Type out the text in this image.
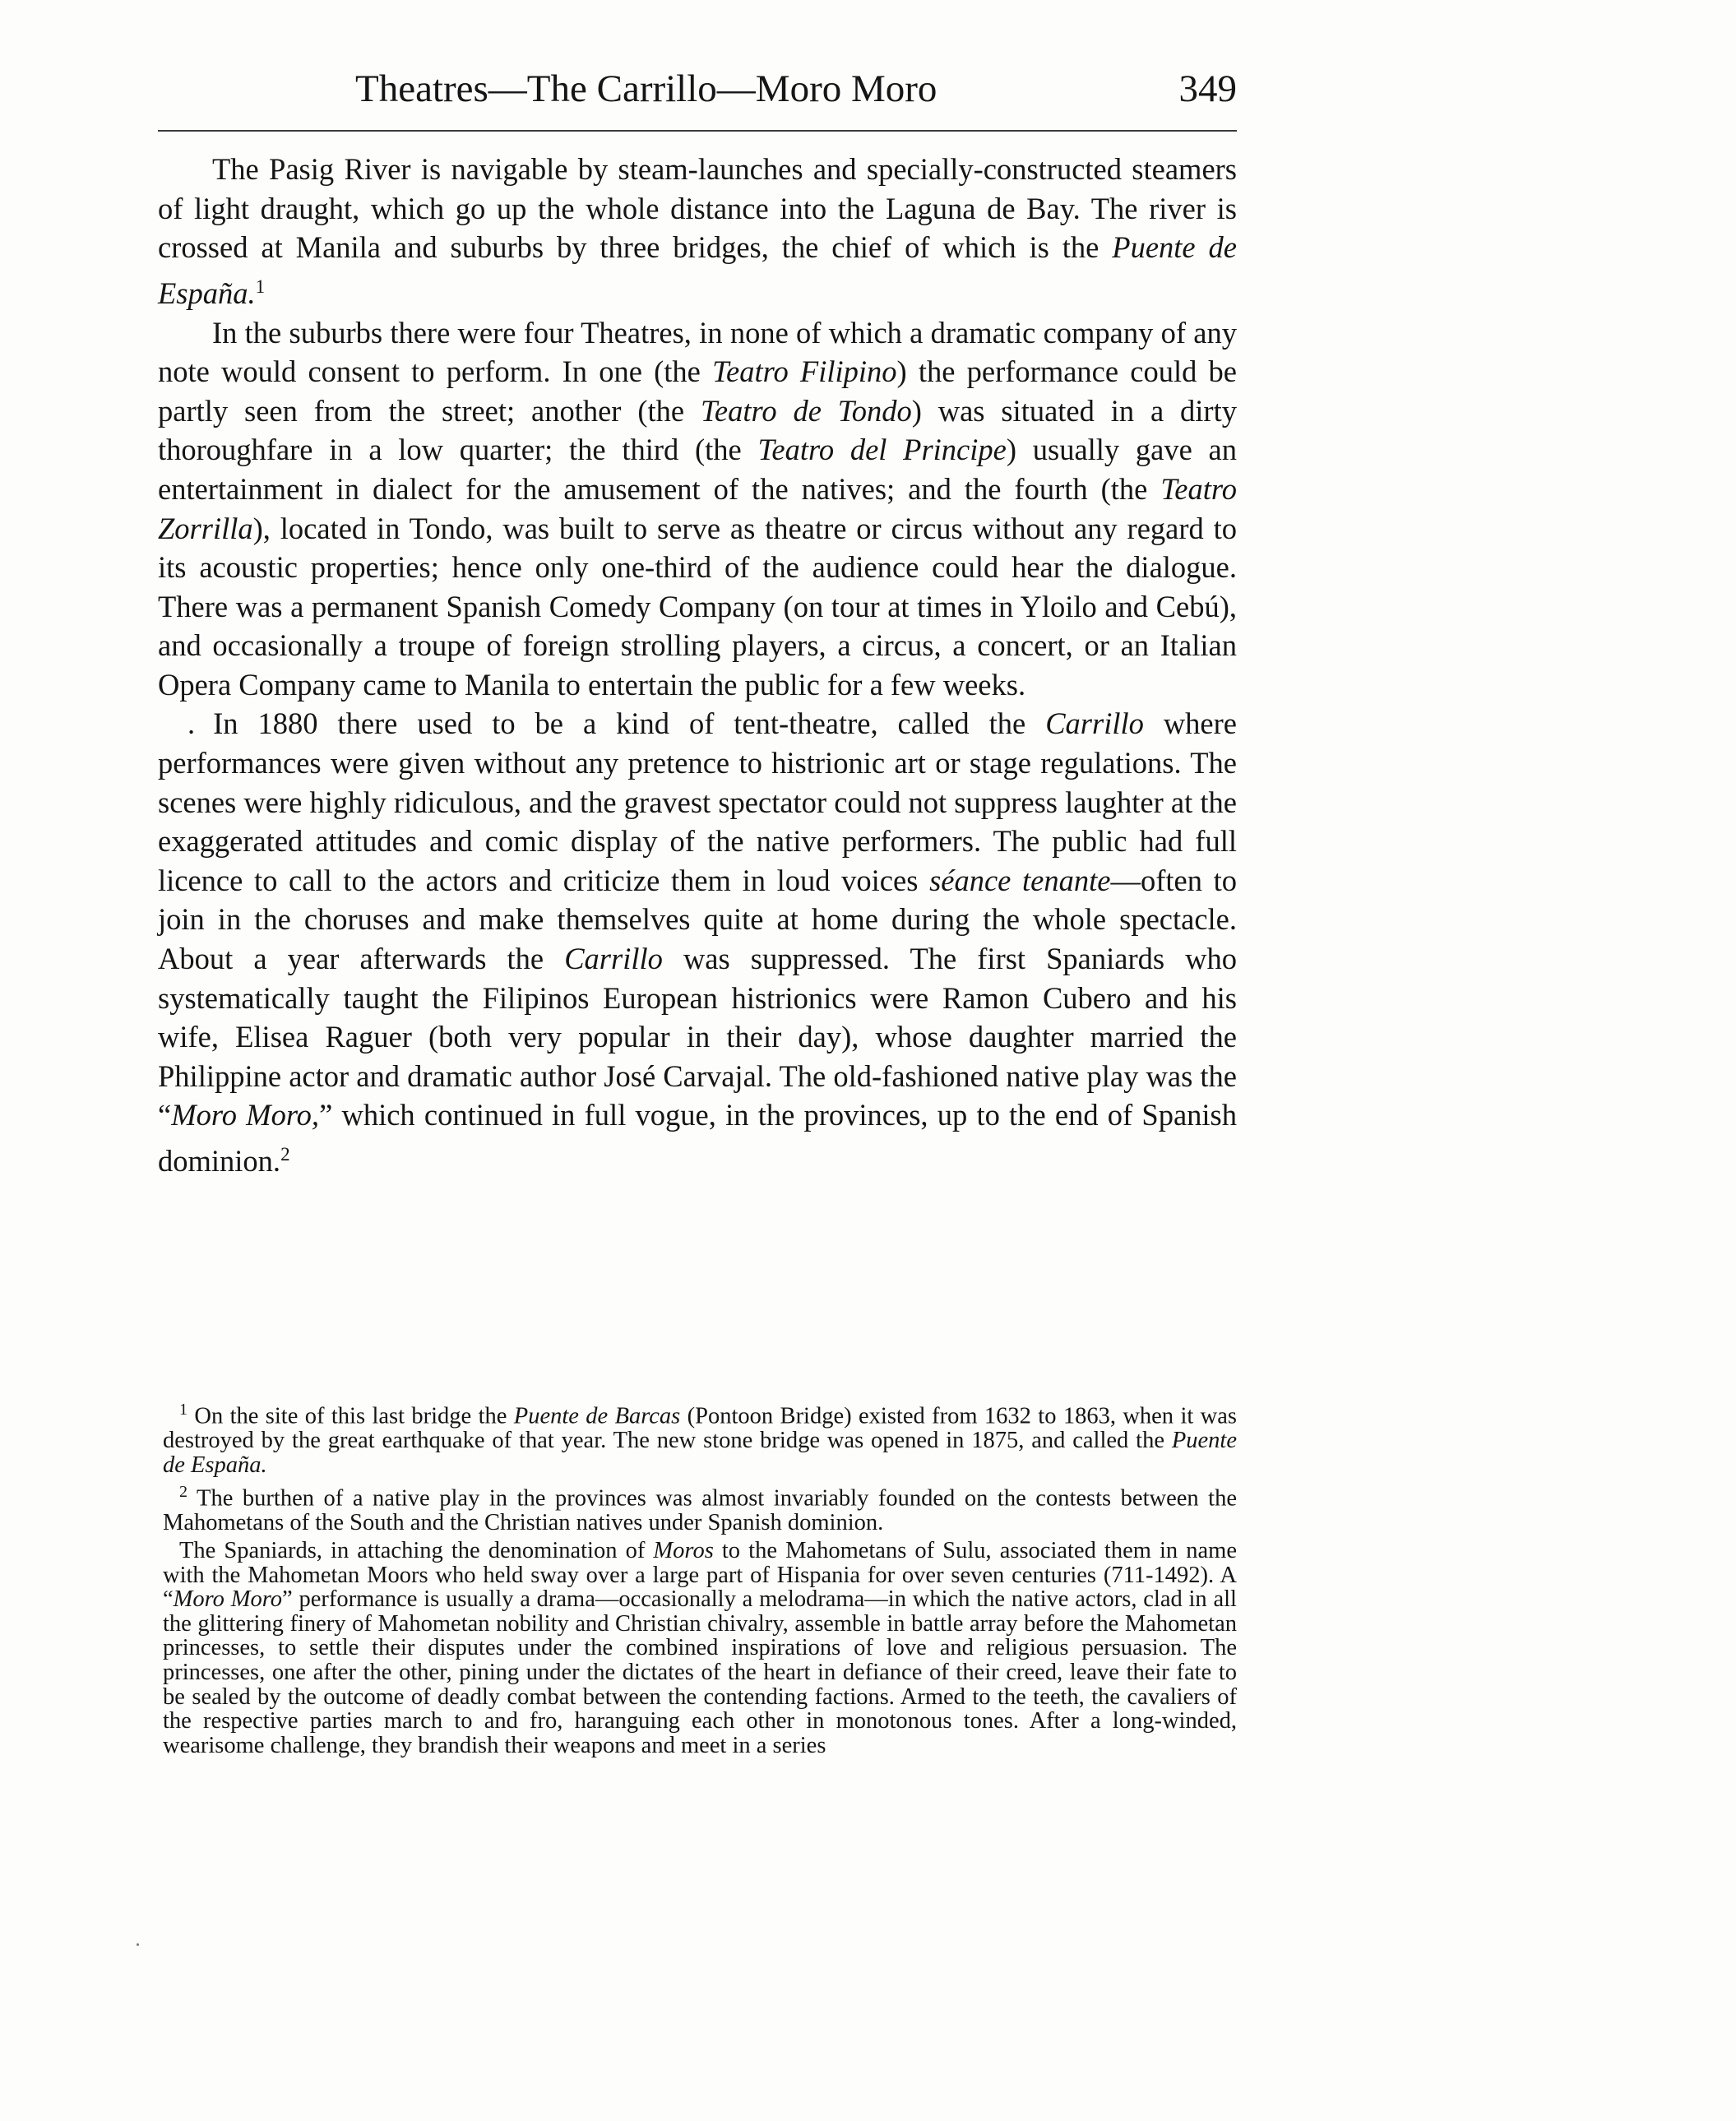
Theatres—The Carrillo—Moro Moro	349

The Pasig River is navigable by steam-launches and specially-constructed steamers of light draught, which go up the whole distance into the Laguna de Bay. The river is crossed at Manila and suburbs by three bridges, the chief of which is the Puente de España.$^1$

In the suburbs there were four Theatres, in none of which a dramatic company of any note would consent to perform. In one (the Teatro Filipino) the performance could be partly seen from the street; another (the Teatro de Tondo) was situated in a dirty thoroughfare in a low quarter; the third (the Teatro del Principe) usually gave an entertainment in dialect for the amusement of the natives; and the fourth (the Teatro Zorrilla), located in Tondo, was built to serve as theatre or circus without any regard to its acoustic properties; hence only one-third of the audience could hear the dialogue. There was a permanent Spanish Comedy Company (on tour at times in Yloilo and Cebú), and occasionally a troupe of foreign strolling players, a circus, a concert, or an Italian Opera Company came to Manila to entertain the public for a few weeks.

. In 1880 there used to be a kind of tent-theatre, called the Carrillo where performances were given without any pretence to histrionic art or stage regulations. The scenes were highly ridiculous, and the gravest spectator could not suppress laughter at the exaggerated attitudes and comic display of the native performers. The public had full licence to call to the actors and criticize them in loud voices séance tenante—often to join in the choruses and make themselves quite at home during the whole spectacle. About a year afterwards the Carrillo was suppressed. The first Spaniards who systematically taught the Filipinos European histrionics were Ramon Cubero and his wife, Elisea Raguer (both very popular in their day), whose daughter married the Philippine actor and dramatic author José Carvajal. The old-fashioned native play was the “Moro Moro,” which continued in full vogue, in the provinces, up to the end of Spanish dominion.$^2$

$^1$ On the site of this last bridge the Puente de Barcas (Pontoon Bridge) existed from 1632 to 1863, when it was destroyed by the great earthquake of that year. The new stone bridge was opened in 1875, and called the Puente de España.

$^2$ The burthen of a native play in the provinces was almost invariably founded on the contests between the Mahometans of the South and the Christian natives under Spanish dominion.

The Spaniards, in attaching the denomination of Moros to the Mahometans of Sulu, associated them in name with the Mahometan Moors who held sway over a large part of Hispania for over seven centuries (711-1492). A “Moro Moro” performance is usually a drama—occasionally a melodrama—in which the native actors, clad in all the glittering finery of Mahometan nobility and Christian chivalry, assemble in battle array before the Mahometan princesses, to settle their disputes under the combined inspirations of love and religious persuasion. The princesses, one after the other, pining under the dictates of the heart in defiance of their creed, leave their fate to be sealed by the outcome of deadly combat between the contending factions. Armed to the teeth, the cavaliers of the respective parties march to and fro, haranguing each other in monotonous tones. After a long-winded, wearisome challenge, they brandish their weapons and meet in a series
